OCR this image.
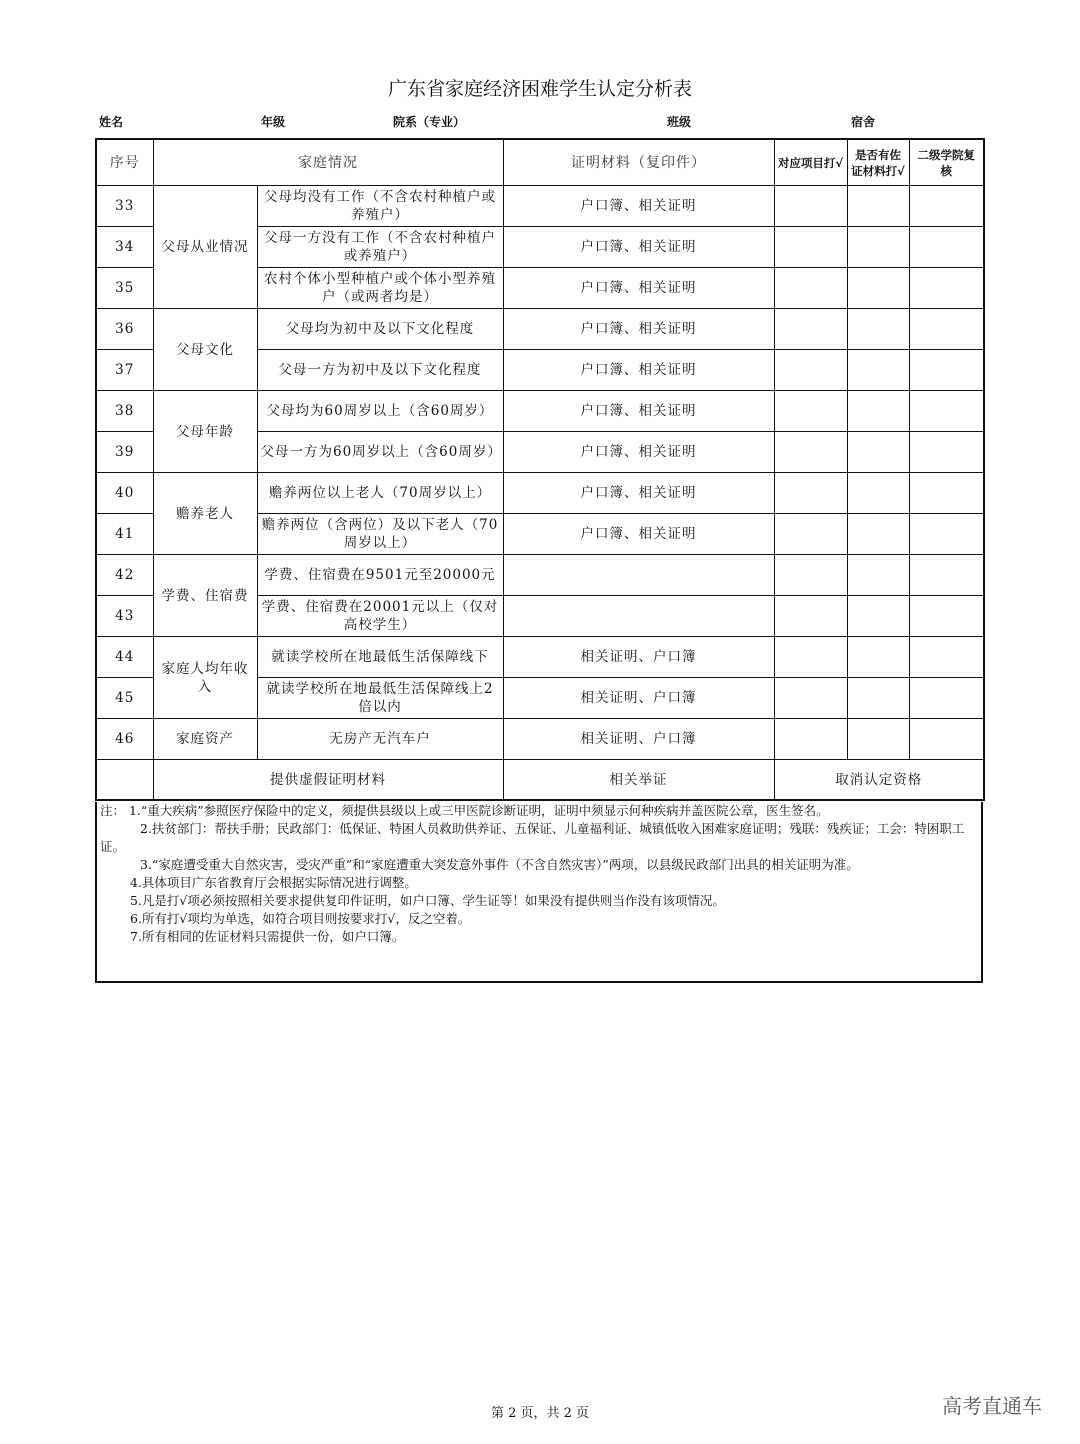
广东省家庭经济困难学生认定分析表
姓名	年级	院系（专业）	班级	宿舍
序号	家庭情况		证明材料（复印件）	对应项目打√	是否有佐证材料打√	二级学院复核
33	父母从业情况	父母均没有工作（不含农村种植户或养殖户）	户口簿、相关证明			
34		父母一方没有工作（不含农村种植户或养殖户）	户口簿、相关证明			
35		农村个体小型种植户或个体小型养殖户（或两者均是）	户口簿、相关证明			
36	父母文化	父母均为初中及以下文化程度	户口簿、相关证明			
37		父母一方为初中及以下文化程度	户口簿、相关证明			
38	父母年龄	父母均为60周岁以上（含60周岁）	户口簿、相关证明			
39		父母一方为60周岁以上（含60周岁）	户口簿、相关证明			
40	赡养老人	赡养两位以上老人（70周岁以上）	户口簿、相关证明			
41		赡养两位（含两位）及以下老人（70周岁以上）	户口簿、相关证明			
42	学费、住宿费	学费、住宿费在9501元至20000元				
43		学费、住宿费在20001元以上（仅对高校学生）				
44	家庭人均年收入	就读学校所在地最低生活保障线下	相关证明、户口簿			
45		就读学校所在地最低生活保障线上2倍以内	相关证明、户口簿			
46	家庭资产	无房产无汽车户	相关证明、户口簿			
	提供虚假证明材料		相关举证	取消认定资格		

注： 1.“重大疾病”参照医疗保险中的定义，须提供县级以上或三甲医院诊断证明，证明中须显示何种疾病并盖医院公章，医生签名。

2.扶贫部门：帮扶手册；民政部门：低保证、特困人员救助供养证、五保证、儿童福利证、城镇低收入困难家庭证明；残联：残疾证；工会：特困职工证。

3.“家庭遭受重大自然灾害，受灾严重”和“家庭遭重大突发意外事件（不含自然灾害）”两项，以县级民政部门出具的相关证明为准。

4.具体项目广东省教育厅会根据实际情况进行调整。

5.凡是打√项必须按照相关要求提供复印件证明，如户口簿、学生证等！如果没有提供则当作没有该项情况。

6.所有打√项均为单选，如符合项目则按要求打√，反之空着。

7.所有相同的佐证材料只需提供一份，如户口簿。

第 2 页，共 2 页	高考直通车
